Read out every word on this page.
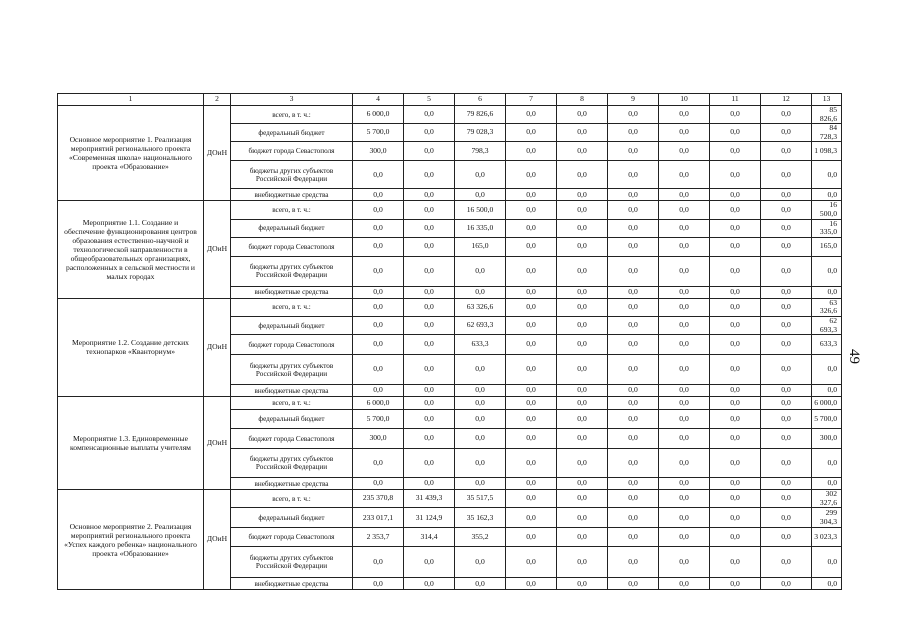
1	2	3	4	5	6	7	8	9	10	11	12	13
Основное мероприятие 1. Реализация мероприятий регионального проекта «Современная школа» национального проекта «Образование»	ДОиН	всего, в т. ч.:	6 000,0	0,0	79 826,6	0,0	0,0	0,0	0,0	0,0	0,0	85 826,6
		федеральный бюджет	5 700,0	0,0	79 028,3	0,0	0,0	0,0	0,0	0,0	0,0	84 728,3
		бюджет города Севастополя	300,0	0,0	798,3	0,0	0,0	0,0	0,0	0,0	0,0	1 098,3
		бюджеты других субъектов Российской Федерации	0,0	0,0	0,0	0,0	0,0	0,0	0,0	0,0	0,0	0,0
		внебюджетные средства	0,0	0,0	0,0	0,0	0,0	0,0	0,0	0,0	0,0	0,0
Мероприятие 1.1. Создание и обеспечение функционирования центров образования естественно-научной и технологической направленности в общеобразовательных организациях, расположенных в сельской местности и малых городах	ДОиН	всего, в т. ч.:	0,0	0,0	16 500,0	0,0	0,0	0,0	0,0	0,0	0,0	16 500,0
		федеральный бюджет	0,0	0,0	16 335,0	0,0	0,0	0,0	0,0	0,0	0,0	16 335,0
		бюджет города Севастополя	0,0	0,0	165,0	0,0	0,0	0,0	0,0	0,0	0,0	165,0
		бюджеты других субъектов Российской Федерации	0,0	0,0	0,0	0,0	0,0	0,0	0,0	0,0	0,0	0,0
		внебюджетные средства	0,0	0,0	0,0	0,0	0,0	0,0	0,0	0,0	0,0	0,0
Мероприятие 1.2. Создание детских технопарков «Кванториум»	ДОиН	всего, в т. ч.:	0,0	0,0	63 326,6	0,0	0,0	0,0	0,0	0,0	0,0	63 326,6
		федеральный бюджет	0,0	0,0	62 693,3	0,0	0,0	0,0	0,0	0,0	0,0	62 693,3
		бюджет города Севастополя	0,0	0,0	633,3	0,0	0,0	0,0	0,0	0,0	0,0	633,3
		бюджеты других субъектов Российской Федерации	0,0	0,0	0,0	0,0	0,0	0,0	0,0	0,0	0,0	0,0
		внебюджетные средства	0,0	0,0	0,0	0,0	0,0	0,0	0,0	0,0	0,0	0,0
Мероприятие 1.3. Единовременные компенсационные выплаты учителям	ДОиН	всего, в т. ч.:	6 000,0	0,0	0,0	0,0	0,0	0,0	0,0	0,0	0,0	6 000,0
		федеральный бюджет	5 700,0	0,0	0,0	0,0	0,0	0,0	0,0	0,0	0,0	5 700,0
		бюджет города Севастополя	300,0	0,0	0,0	0,0	0,0	0,0	0,0	0,0	0,0	300,0
		бюджеты других субъектов Российской Федерации	0,0	0,0	0,0	0,0	0,0	0,0	0,0	0,0	0,0	0,0
		внебюджетные средства	0,0	0,0	0,0	0,0	0,0	0,0	0,0	0,0	0,0	0,0
Основное мероприятие 2. Реализация мероприятий регионального проекта «Успех каждого ребенка» национального проекта «Образование»	ДОиН	всего, в т. ч.:	235 370,8	31 439,3	35 517,5	0,0	0,0	0,0	0,0	0,0	0,0	302 327,6
		федеральный бюджет	233 017,1	31 124,9	35 162,3	0,0	0,0	0,0	0,0	0,0	0,0	299 304,3
		бюджет города Севастополя	2 353,7	314,4	355,2	0,0	0,0	0,0	0,0	0,0	0,0	3 023,3
		бюджеты других субъектов Российской Федерации	0,0	0,0	0,0	0,0	0,0	0,0	0,0	0,0	0,0	0,0
		внебюджетные средства	0,0	0,0	0,0	0,0	0,0	0,0	0,0	0,0	0,0	0,0
49
